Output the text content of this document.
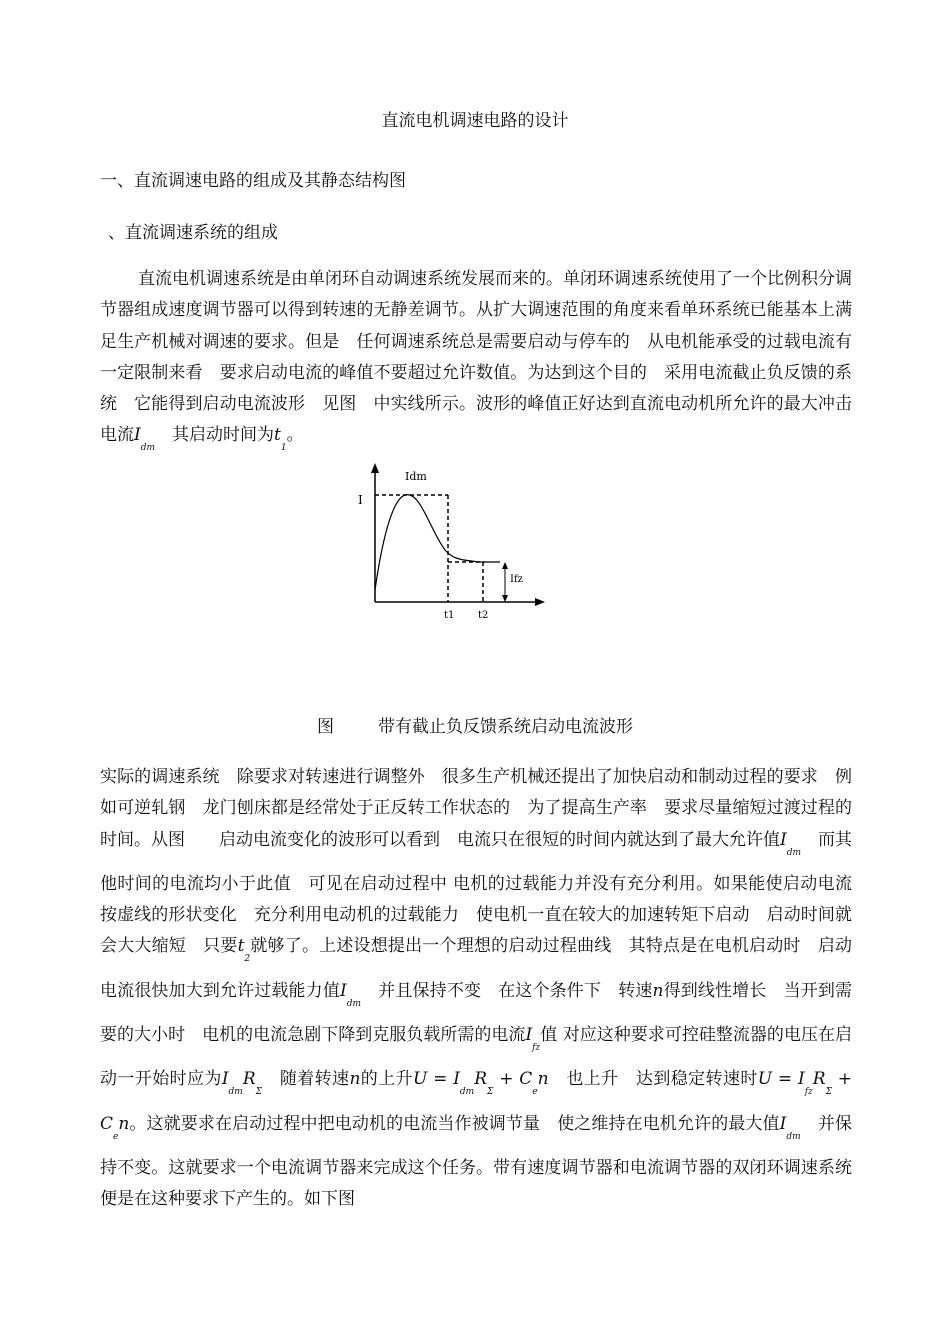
直流电机调速电路的设计
一、直流调速电路的组成及其静态结构图
、直流调速系统的组成
直流电机调速系统是由单闭环自动调速系统发展而来的。单闭环调速系统使用了一个比例积分调节器组成速度调节器可以得到转速的无静差调节。从扩大调速范围的角度来看单环系统已能基本上满足生产机械对调速的要求。但是　任何调速系统总是需要启动与停车的　从电机能承受的过载电流有一定限制来看　要求启动电流的峰值不要超过允许数值。为达到这个目的　采用电流截止负反馈的系统　它能得到启动电流波形　见图　中实线所示。波形的峰值正好达到直流电动机所允许的最大冲击电流$I_{dm}$　其启动时间为$t_1$。
Idm
I
Ifz
t1 t2
图	带有截止负反馈系统启动电流波形
实际的调速系统　除要求对转速进行调整外　很多生产机械还提出了加快启动和制动过程的要求　例如可逆轧钢　龙门刨床都是经常处于正反转工作状态的　为了提高生产率　要求尽量缩短过渡过程的时间。从图　　启动电流变化的波形可以看到　电流只在很短的时间内就达到了最大允许值$I_{dm}$　而其他时间的电流均小于此值　可见在启动过程中 电机的过载能力并没有充分利用。如果能使启动电流按虚线的形状变化　充分利用电动机的过载能力　使电机一直在较大的加速转矩下启动　启动时间就会大大缩短　只要$t_2$就够了。上述设想提出一个理想的启动过程曲线　其特点是在电机启动时　启动电流很快加大到允许过载能力值$I_{dm}$　并且保持不变　在这个条件下　转速n得到线性增长　当开到需要的大小时　电机的电流急剧下降到克服负载所需的电流$I_{fz}$值 对应这种要求可控硅整流器的电压在启动一开始时应为$I_{dm}R_\Sigma$　随着转速n的上升$U = I_{dm}R_\Sigma + C_en$　也上升　达到稳定转速时$U = I_{fz}R_\Sigma + C_en$。这就要求在启动过程中把电动机的电流当作被调节量　使之维持在电机允许的最大值$I_{dm}$　并保持不变。这就要求一个电流调节器来完成这个任务。带有速度调节器和电流调节器的双闭环调速系统便是在这种要求下产生的。如下图
